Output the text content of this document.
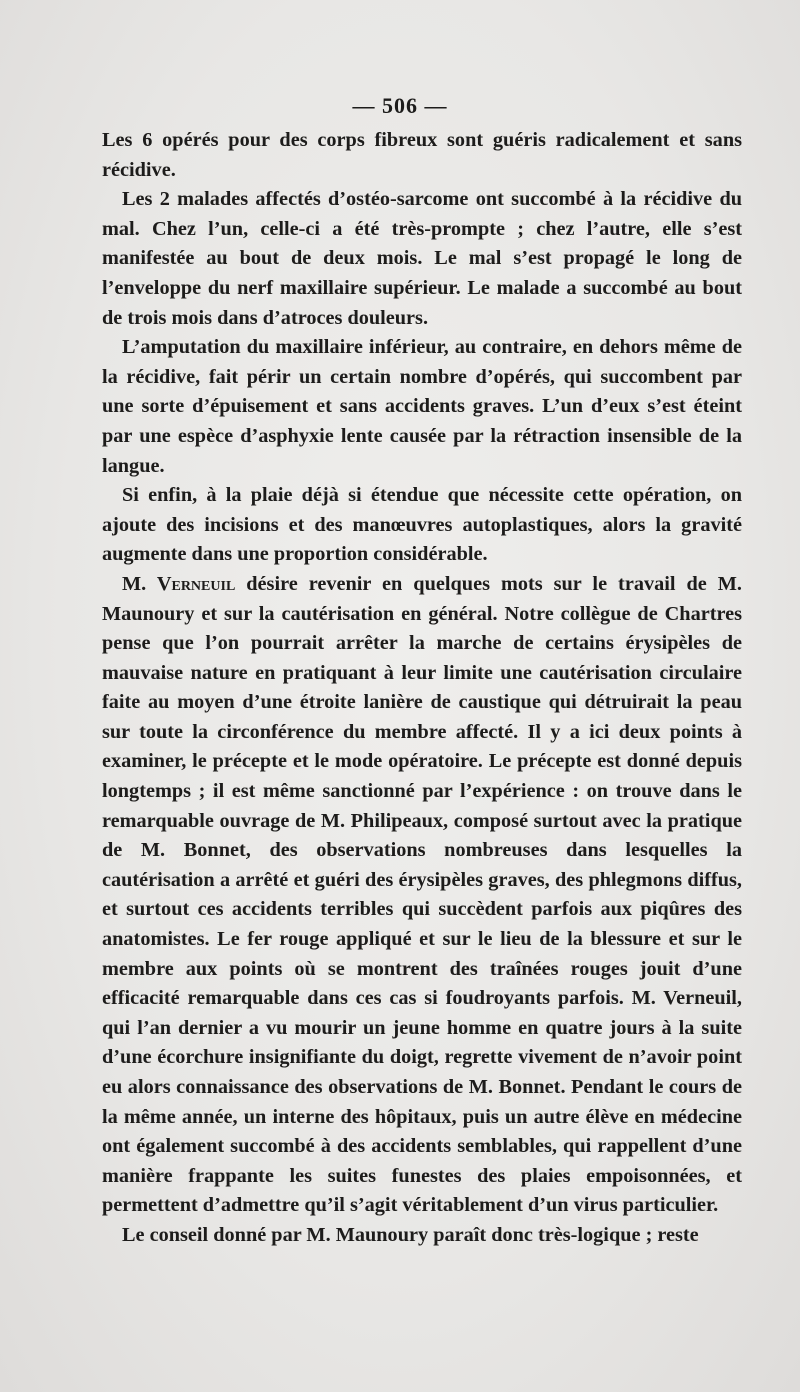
— 506 —

Les 6 opérés pour des corps fibreux sont guéris radicalement et sans récidive.

Les 2 malades affectés d’ostéo-sarcome ont succombé à la récidive du mal. Chez l’un, celle-ci a été très-prompte ; chez l’autre, elle s’est manifestée au bout de deux mois. Le mal s’est propagé le long de l’enveloppe du nerf maxillaire supérieur. Le malade a succombé au bout de trois mois dans d’atroces douleurs.

L’amputation du maxillaire inférieur, au contraire, en dehors même de la récidive, fait périr un certain nombre d’opérés, qui succombent par une sorte d’épuisement et sans accidents graves. L’un d’eux s’est éteint par une espèce d’asphyxie lente causée par la rétraction insensible de la langue.

Si enfin, à la plaie déjà si étendue que nécessite cette opération, on ajoute des incisions et des manœuvres autoplastiques, alors la gravité augmente dans une proportion considérable.

M. Verneuil désire revenir en quelques mots sur le travail de M. Maunoury et sur la cautérisation en général. Notre collègue de Chartres pense que l’on pourrait arrêter la marche de certains érysipèles de mauvaise nature en pratiquant à leur limite une cautérisation circulaire faite au moyen d’une étroite lanière de caustique qui détruirait la peau sur toute la circonférence du membre affecté. Il y a ici deux points à examiner, le précepte et le mode opératoire. Le précepte est donné depuis longtemps ; il est même sanctionné par l’expérience : on trouve dans le remarquable ouvrage de M. Philipeaux, composé surtout avec la pratique de M. Bonnet, des observations nombreuses dans lesquelles la cautérisation a arrêté et guéri des érysipèles graves, des phlegmons diffus, et surtout ces accidents terribles qui succèdent parfois aux piqûres des anatomistes. Le fer rouge appliqué et sur le lieu de la blessure et sur le membre aux points où se montrent des traînées rouges jouit d’une efficacité remarquable dans ces cas si foudroyants parfois. M. Verneuil, qui l’an dernier a vu mourir un jeune homme en quatre jours à la suite d’une écorchure insignifiante du doigt, regrette vivement de n’avoir point eu alors connaissance des observations de M. Bonnet. Pendant le cours de la même année, un interne des hôpitaux, puis un autre élève en médecine ont également succombé à des accidents semblables, qui rappellent d’une manière frappante les suites funestes des plaies empoisonnées, et permettent d’admettre qu’il s’agit véritablement d’un virus particulier.

Le conseil donné par M. Maunoury paraît donc très-logique ; reste
